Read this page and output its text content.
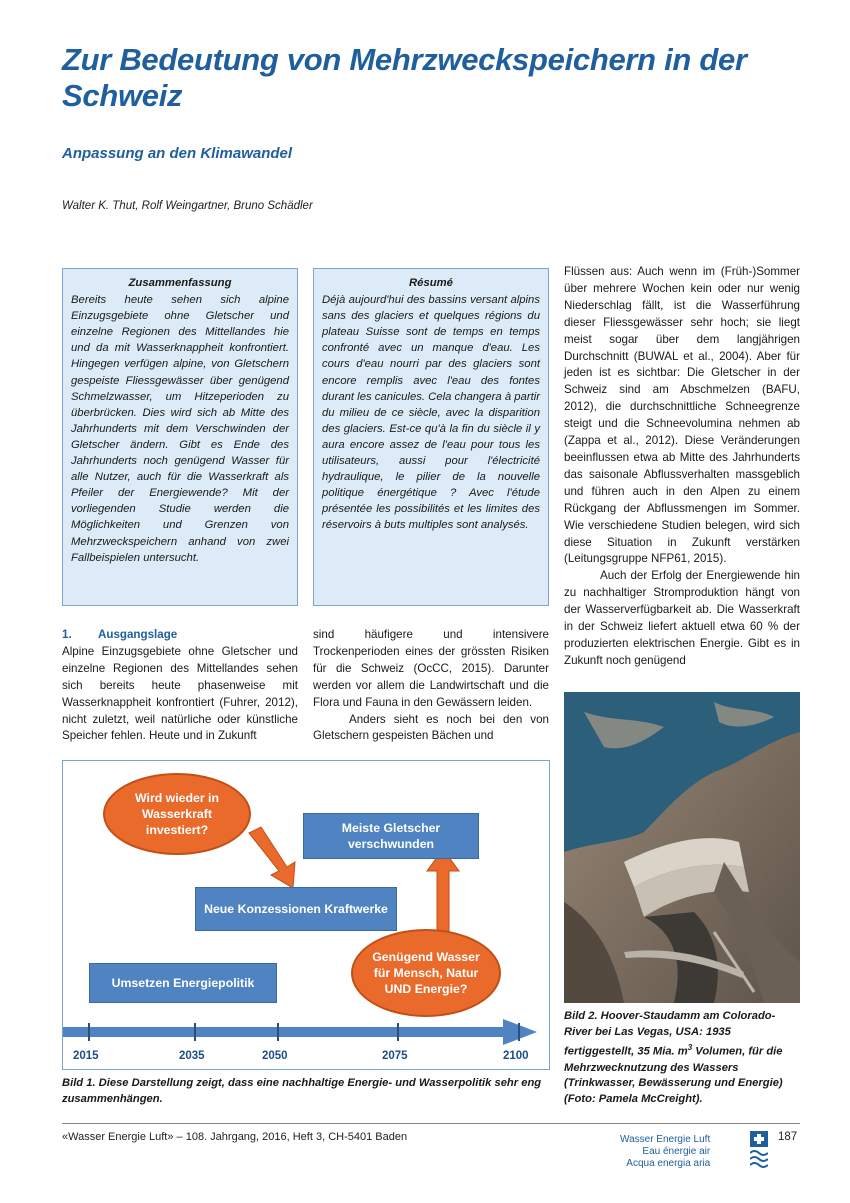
Zur Bedeutung von Mehrzweckspeichern in der Schweiz
Anpassung an den Klimawandel
Walter K. Thut, Rolf Weingartner, Bruno Schädler
Zusammenfassung
Bereits heute sehen sich alpine Einzugsgebiete ohne Gletscher und einzelne Regionen des Mittellandes hie und da mit Wasserknappheit konfrontiert. Hingegen verfügen alpine, von Gletschern gespeiste Fliessgewässer über genügend Schmelzwasser, um Hitzeperioden zu überbrücken. Dies wird sich ab Mitte des Jahrhunderts mit dem Verschwinden der Gletscher ändern. Gibt es Ende des Jahrhunderts noch genügend Wasser für alle Nutzer, auch für die Wasserkraft als Pfeiler der Energiewende? Mit der vorliegenden Studie werden die Möglichkeiten und Grenzen von Mehrzweckspeichern anhand von zwei Fallbeispielen untersucht.
Résumé
Déjà aujourd'hui des bassins versant alpins sans des glaciers et quelques régions du plateau Suisse sont de temps en temps confronté avec un manque d'eau. Les cours d'eau nourri par des glaciers sont encore remplis avec l'eau des fontes durant les canicules. Cela changera à partir du milieu de ce siècle, avec la disparition des glaciers. Est-ce qu'à la fin du siècle il y aura encore assez de l'eau pour tous les utilisateurs, aussi pour l'électricité hydraulique, le pilier de la nouvelle politique énergétique ? Avec l'étude présentée les possibilités et les limites des réservoirs à buts multiples sont analysés.
1. Ausgangslage

Alpine Einzugsgebiete ohne Gletscher und einzelne Regionen des Mittellandes sehen sich bereits heute phasenweise mit Wasserknappheit konfrontiert (Fuhrer, 2012), nicht zuletzt, weil natürliche oder künstliche Speicher fehlen. Heute und in Zukunft

sind häufigere und intensivere Trockenperioden eines der grössten Risiken für die Schweiz (OcCC, 2015). Darunter werden vor allem die Landwirtschaft und die Flora und Fauna in den Gewässern leiden.

Anders sieht es noch bei den von Gletschern gespeisten Bächen und

Flüssen aus: Auch wenn im (Früh-)Sommer über mehrere Wochen kein oder nur wenig Niederschlag fällt, ist die Wasserführung dieser Fliessgewässer sehr hoch; sie liegt meist sogar über dem langjährigen Durchschnitt (BUWAL et al., 2004). Aber für jeden ist es sichtbar: Die Gletscher in der Schweiz sind am Abschmelzen (BAFU, 2012), die durchschnittliche Schneegrenze steigt und die Schneevolumina nehmen ab (Zappa et al., 2012). Diese Veränderungen beeinflussen etwa ab Mitte des Jahrhunderts das saisonale Abflussverhalten massgeblich und führen auch in den Alpen zu einem Rückgang der Abflussmengen im Sommer. Wie verschiedene Studien belegen, wird sich diese Situation in Zukunft verstärken (Leitungsgruppe NFP61, 2015).

Auch der Erfolg der Energiewende hin zu nachhaltiger Stromproduktion hängt von der Wasserverfügbarkeit ab. Die Wasserkraft in der Schweiz liefert aktuell etwa 60 % der produzierten elektrischen Energie. Gibt es in Zukunft noch genügend

Umsetzen Energiepolitik
Neue Konzessionen Kraftwerke
Meiste Gletscher verschwunden
Wird wieder in Wasserkraft investiert?
Genügend Wasser für Mensch, Natur UND Energie?
2015	2035	2050	2075	2100
Bild 1. Diese Darstellung zeigt, dass eine nachhaltige Energie- und Wasserpolitik sehr eng zusammenhängen.
Bild 2. Hoover-Staudamm am Colorado-River bei Las Vegas, USA: 1935 fertiggestellt, 35 Mia. $m^3$ Volumen, für die Mehrzwecknutzung des Wassers (Trinkwasser, Bewässerung und Energie) (Foto: Pamela McCreight).
«Wasser Energie Luft» – 108. Jahrgang, 2016, Heft 3, CH-5401 Baden	Wasser Energie Luft
Eau énergie air
Acqua energia aria
187
